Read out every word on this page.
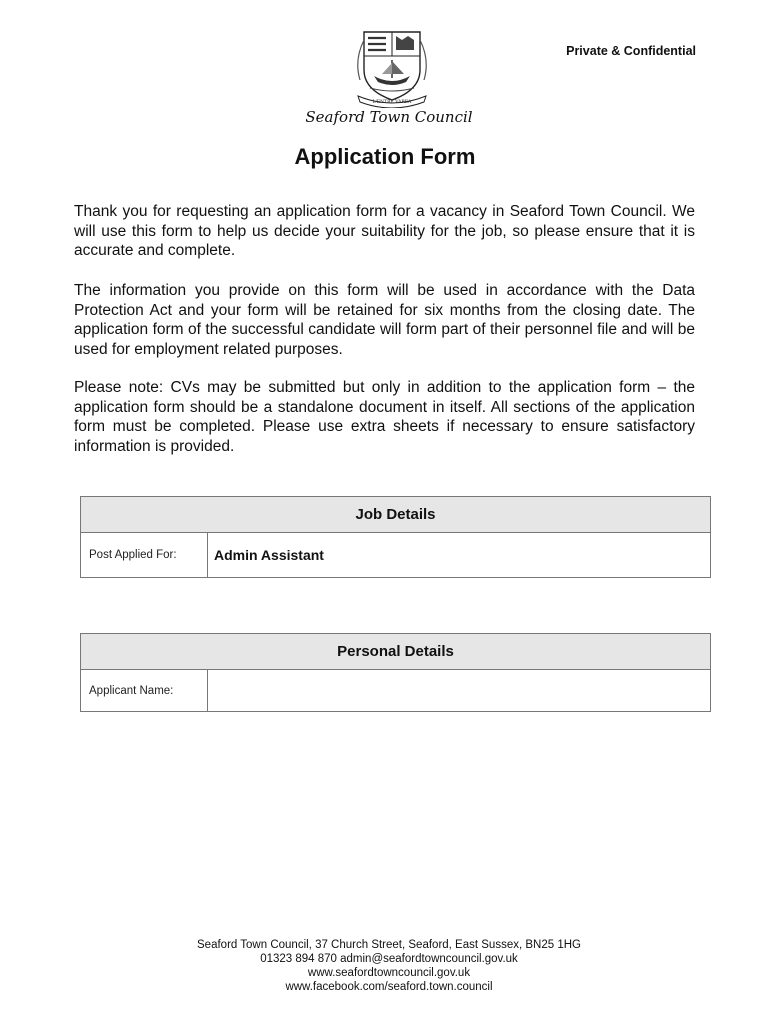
L'ENTRE VAREA
Seaford Town Council
Private & Confidential
Application Form

Thank you for requesting an application form for a vacancy in Seaford Town Council. We will use this form to help us decide your suitability for the job, so please ensure that it is accurate and complete.

The information you provide on this form will be used in accordance with the Data Protection Act and your form will be retained for six months from the closing date. The application form of the successful candidate will form part of their personnel file and will be used for employment related purposes.

Please note: CVs may be submitted but only in addition to the application form – the application form should be a standalone document in itself. All sections of the application form must be completed. Please use extra sheets if necessary to ensure satisfactory information is provided.

Job Details
Post Applied For:	Admin Assistant
Personal Details
Applicant Name:	
Seaford Town Council, 37 Church Street, Seaford, East Sussex, BN25 1HG
01323 894 870 admin@seafordtowncouncil.gov.uk
www.seafordtowncouncil.gov.uk
www.facebook.com/seaford.town.council
